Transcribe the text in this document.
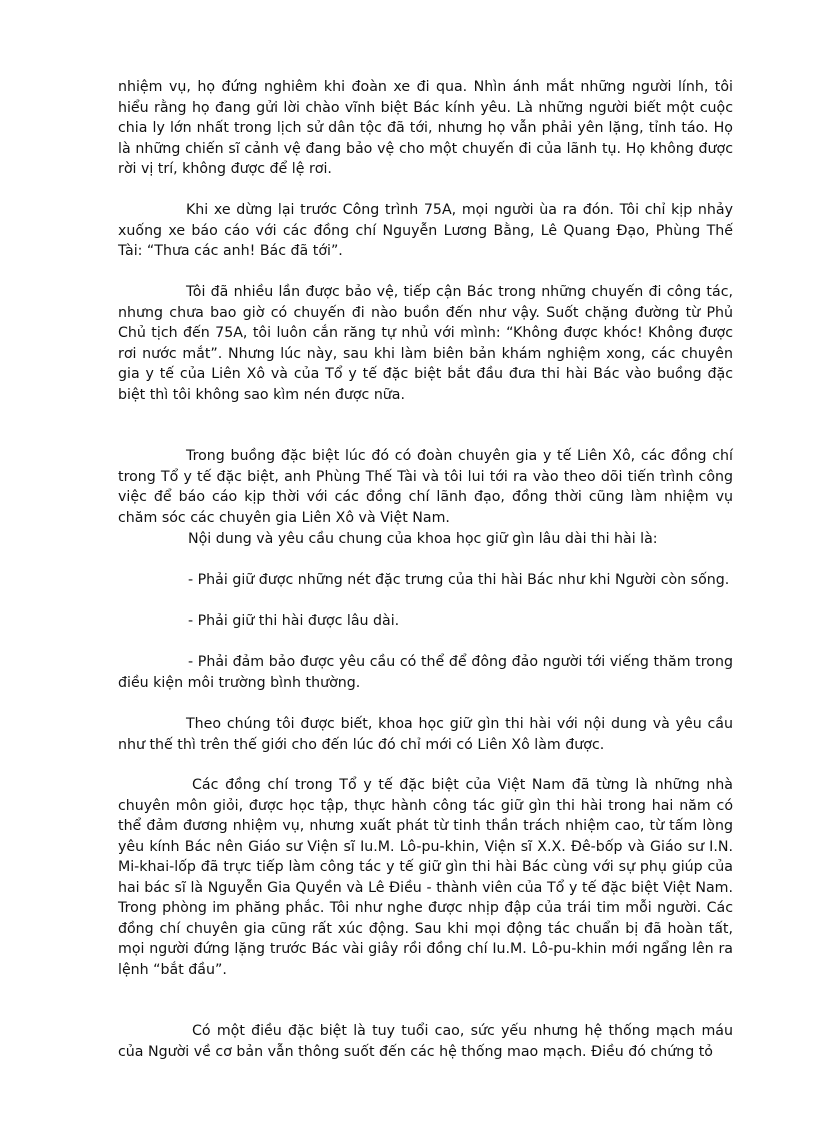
nhiệm vụ, họ đứng nghiêm khi đoàn xe đi qua. Nhìn ánh mắt những người lính, tôi hiểu rằng họ đang gửi lời chào vĩnh biệt Bác kính yêu. Là những người biết một cuộc chia ly lớn nhất trong lịch sử dân tộc đã tới, nhưng họ vẫn phải yên lặng, tỉnh táo. Họ là những chiến sĩ cảnh vệ đang bảo vệ cho một chuyến đi của lãnh tụ. Họ không được rời vị trí, không được để lệ rơi.

Khi xe dừng lại trước Công trình 75A, mọi người ùa ra đón. Tôi chỉ kịp nhảy xuống xe báo cáo với các đồng chí Nguyễn Lương Bằng, Lê Quang Đạo, Phùng Thế Tài: “Thưa các anh! Bác đã tới”.

Tôi đã nhiều lần được bảo vệ, tiếp cận Bác trong những chuyến đi công tác, nhưng chưa bao giờ có chuyến đi nào buồn đến như vậy. Suốt chặng đường từ Phủ Chủ tịch đến 75A, tôi luôn cắn răng tự nhủ với mình: “Không được khóc! Không được rơi nước mắt”. Nhưng lúc này, sau khi làm biên bản khám nghiệm xong, các chuyên gia y tế của Liên Xô và của Tổ y tế đặc biệt bắt đầu đưa thi hài Bác vào buồng đặc biệt thì tôi không sao kìm nén được nữa.

Trong buồng đặc biệt lúc đó có đoàn chuyên gia y tế Liên Xô, các đồng chí trong Tổ y tế đặc biệt, anh Phùng Thế Tài và tôi lui tới ra vào theo dõi tiến trình công việc để báo cáo kịp thời với các đồng chí lãnh đạo, đồng thời cũng làm nhiệm vụ chăm sóc các chuyên gia Liên Xô và Việt Nam.

Nội dung và yêu cầu chung của khoa học giữ gìn lâu dài thi hài là:

- Phải giữ được những nét đặc trưng của thi hài Bác như khi Người còn sống.

- Phải giữ thi hài được lâu dài.

- Phải đảm bảo được yêu cầu có thể để đông đảo người tới viếng thăm trong điều kiện môi trường bình thường.

Theo chúng tôi được biết, khoa học giữ gìn thi hài với nội dung và yêu cầu như thế thì trên thế giới cho đến lúc đó chỉ mới có Liên Xô làm được.

Các đồng chí trong Tổ y tế đặc biệt của Việt Nam đã từng là những nhà chuyên môn giỏi, được học tập, thực hành công tác giữ gìn thi hài trong hai năm có thể đảm đương nhiệm vụ, nhưng xuất phát từ tinh thần trách nhiệm cao, từ tấm lòng yêu kính Bác nên Giáo sư Viện sĩ Iu.M. Lô-pu-khin, Viện sĩ X.X. Đê-bốp và Giáo sư I.N. Mi-khai-lốp đã trực tiếp làm công tác y tế giữ gìn thi hài Bác cùng với sự phụ giúp của hai bác sĩ là Nguyễn Gia Quyền và Lê Điều - thành viên của Tổ y tế đặc biệt Việt Nam. Trong phòng im phăng phắc. Tôi như nghe được nhịp đập của trái tim mỗi người. Các đồng chí chuyên gia cũng rất xúc động. Sau khi mọi động tác chuẩn bị đã hoàn tất, mọi người đứng lặng trước Bác vài giây rồi đồng chí Iu.M. Lô-pu-khin mới ngẩng lên ra lệnh “bắt đầu”.

Có một điều đặc biệt là tuy tuổi cao, sức yếu nhưng hệ thống mạch máu của Người về cơ bản vẫn thông suốt đến các hệ thống mao mạch. Điều đó chứng tỏ
